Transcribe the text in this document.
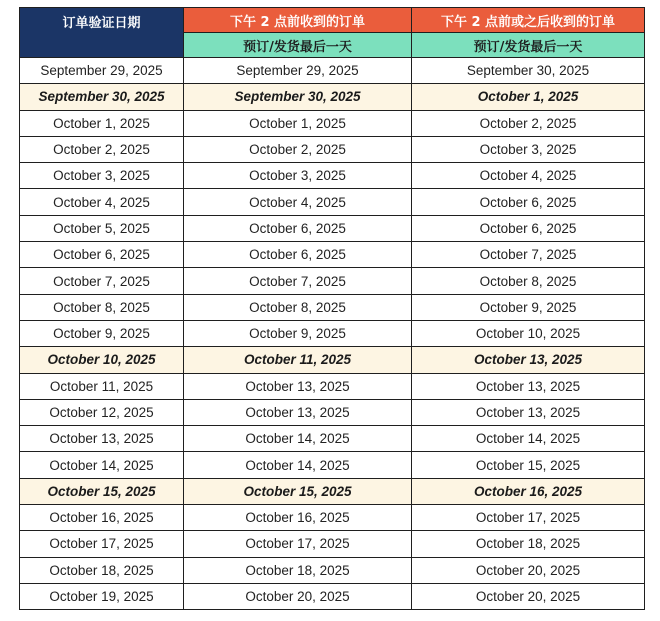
订单验证日期	下午 2 点前收到的订单	下午 2 点前或之后收到的订单
	预订/发货最后一天	预订/发货最后一天
September 29, 2025	September 29, 2025	September 30, 2025
September 30, 2025	September 30, 2025	October 1, 2025
October 1, 2025	October 1, 2025	October 2, 2025
October 2, 2025	October 2, 2025	October 3, 2025
October 3, 2025	October 3, 2025	October 4, 2025
October 4, 2025	October 4, 2025	October 6, 2025
October 5, 2025	October 6, 2025	October 6, 2025
October 6, 2025	October 6, 2025	October 7, 2025
October 7, 2025	October 7, 2025	October 8, 2025
October 8, 2025	October 8, 2025	October 9, 2025
October 9, 2025	October 9, 2025	October 10, 2025
October 10, 2025	October 11, 2025	October 13, 2025
October 11, 2025	October 13, 2025	October 13, 2025
October 12, 2025	October 13, 2025	October 13, 2025
October 13, 2025	October 14, 2025	October 14, 2025
October 14, 2025	October 14, 2025	October 15, 2025
October 15, 2025	October 15, 2025	October 16, 2025
October 16, 2025	October 16, 2025	October 17, 2025
October 17, 2025	October 17, 2025	October 18, 2025
October 18, 2025	October 18, 2025	October 20, 2025
October 19, 2025	October 20, 2025	October 20, 2025
